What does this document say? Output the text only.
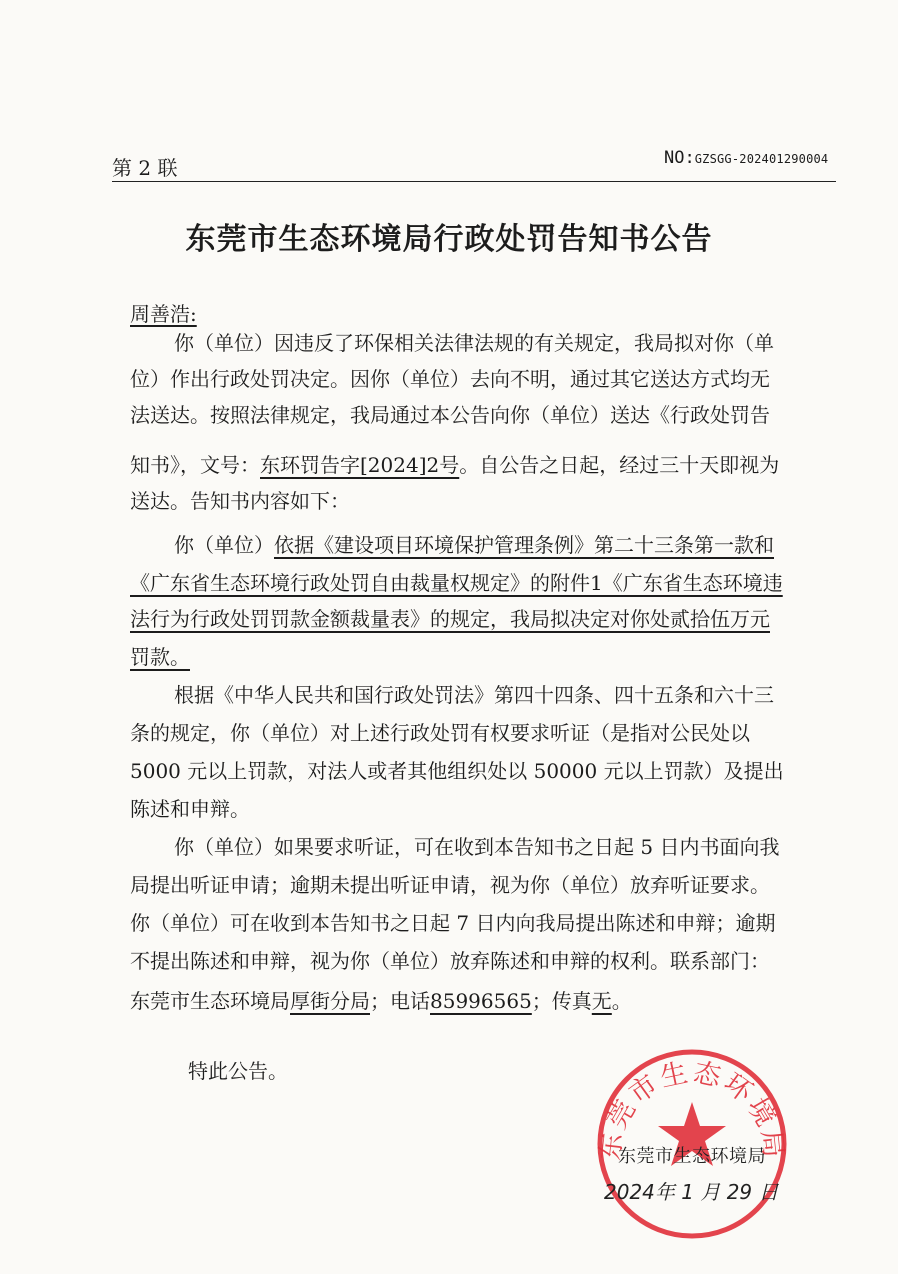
第 2 联	NO:GZSGG-202401290004
东莞市生态环境局行政处罚告知书公告
周善浩:
你（单位）因违反了环保相关法律法规的有关规定，我局拟对你（单
位）作出行政处罚决定。因你（单位）去向不明，通过其它送达方式均无
法送达。按照法律规定，我局通过本公告向你（单位）送达《行政处罚告
知书》，文号：东环罚告字[2024]2号。自公告之日起，经过三十天即视为
送达。告知书内容如下：
你（单位）依据《建设项目环境保护管理条例》第二十三条第一款和
《广东省生态环境行政处罚自由裁量权规定》的附件1《广东省生态环境违
法行为行政处罚罚款金额裁量表》的规定，我局拟决定对你处贰拾伍万元
罚款。
根据《中华人民共和国行政处罚法》第四十四条、四十五条和六十三
条的规定，你（单位）对上述行政处罚有权要求听证（是指对公民处以
5000 元以上罚款，对法人或者其他组织处以 50000 元以上罚款）及提出
陈述和申辩。
你（单位）如果要求听证，可在收到本告知书之日起 5 日内书面向我
局提出听证申请；逾期未提出听证申请，视为你（单位）放弃听证要求。
你（单位）可在收到本告知书之日起 7 日内向我局提出陈述和申辩；逾期
不提出陈述和申辩，视为你（单位）放弃陈述和申辩的权利。联系部门：
东莞市生态环境局厚街分局；电话85996565；传真无。
特此公告。
东莞市生态环境局
东莞市生态环境局
2024年 1 月 29 日
